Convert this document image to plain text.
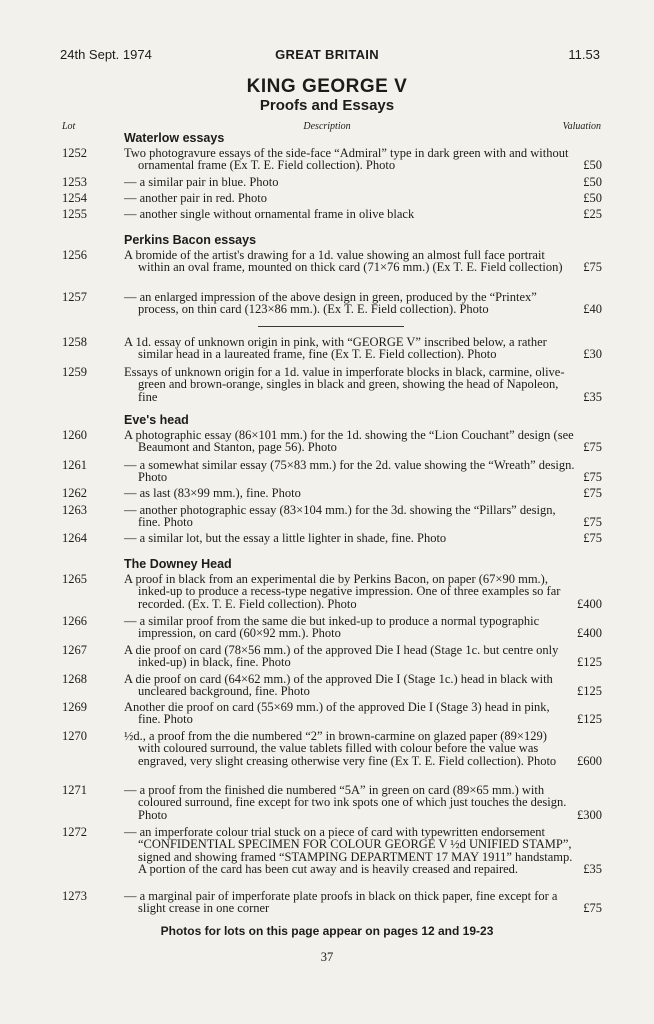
24th Sept. 1974	GREAT BRITAIN	11.53
KING GEORGE V
Proofs and Essays
Lot	Description	Valuation
Waterlow essays
1252	Two photogravure essays of the side-face “Admiral” type in dark green with and without ornamental frame (Ex T. E. Field collection). Photo	£50
1253	— a similar pair in blue. Photo	£50
1254	— another pair in red. Photo	£50
1255	— another single without ornamental frame in olive black	£25
Perkins Bacon essays
1256	A bromide of the artist's drawing for a 1d. value showing an almost full face portrait within an oval frame, mounted on thick card (71×76 mm.) (Ex T. E. Field collection)	£75
1257	— an enlarged impression of the above design in green, produced by the “Printex” process, on thin card (123×86 mm.). (Ex T. E. Field collection). Photo	£40
1258	A 1d. essay of unknown origin in pink, with “GEORGE V” inscribed below, a rather similar head in a laureated frame, fine (Ex T. E. Field collection). Photo	£30
1259	Essays of unknown origin for a 1d. value in imperforate blocks in black, carmine, olive-green and brown-orange, singles in black and green, showing the head of Napoleon, fine	£35
Eve's head
1260	A photographic essay (86×101 mm.) for the 1d. showing the “Lion Couchant” design (see Beaumont and Stanton, page 56). Photo	£75
1261	— a somewhat similar essay (75×83 mm.) for the 2d. value showing the “Wreath” design. Photo	£75
1262	— as last (83×99 mm.), fine. Photo	£75
1263	— another photographic essay (83×104 mm.) for the 3d. showing the “Pillars” design, fine. Photo	£75
1264	— a similar lot, but the essay a little lighter in shade, fine. Photo	£75
The Downey Head
1265	A proof in black from an experimental die by Perkins Bacon, on paper (67×90 mm.), inked-up to produce a recess-type negative impression. One of three examples so far recorded. (Ex. T. E. Field collection). Photo	£400
1266	— a similar proof from the same die but inked-up to produce a normal typographic impression, on card (60×92 mm.). Photo	£400
1267	A die proof on card (78×56 mm.) of the approved Die I head (Stage 1c. but centre only inked-up) in black, fine. Photo	£125
1268	A die proof on card (64×62 mm.) of the approved Die I (Stage 1c.) head in black with uncleared background, fine. Photo	£125
1269	Another die proof on card (55×69 mm.) of the approved Die I (Stage 3) head in pink, fine. Photo	£125
1270	½d., a proof from the die numbered “2” in brown-carmine on glazed paper (89×129) with coloured surround, the value tablets filled with colour before the value was engraved, very slight creasing otherwise very fine (Ex T. E. Field collection). Photo	£600
1271	— a proof from the finished die numbered “5A” in green on card (89×65 mm.) with coloured surround, fine except for two ink spots one of which just touches the design. Photo	£300
1272	— an imperforate colour trial stuck on a piece of card with typewritten endorsement “CONFIDENTIAL SPECIMEN FOR COLOUR GEORGE V ½d UNIFIED STAMP”, signed and showing framed “STAMPING DEPARTMENT 17 MAY 1911” handstamp. A portion of the card has been cut away and is heavily creased and repaired.	£35
1273	— a marginal pair of imperforate plate proofs in black on thick paper, fine except for a slight crease in one corner	£75
Photos for lots on this page appear on pages 12 and 19-23
37
